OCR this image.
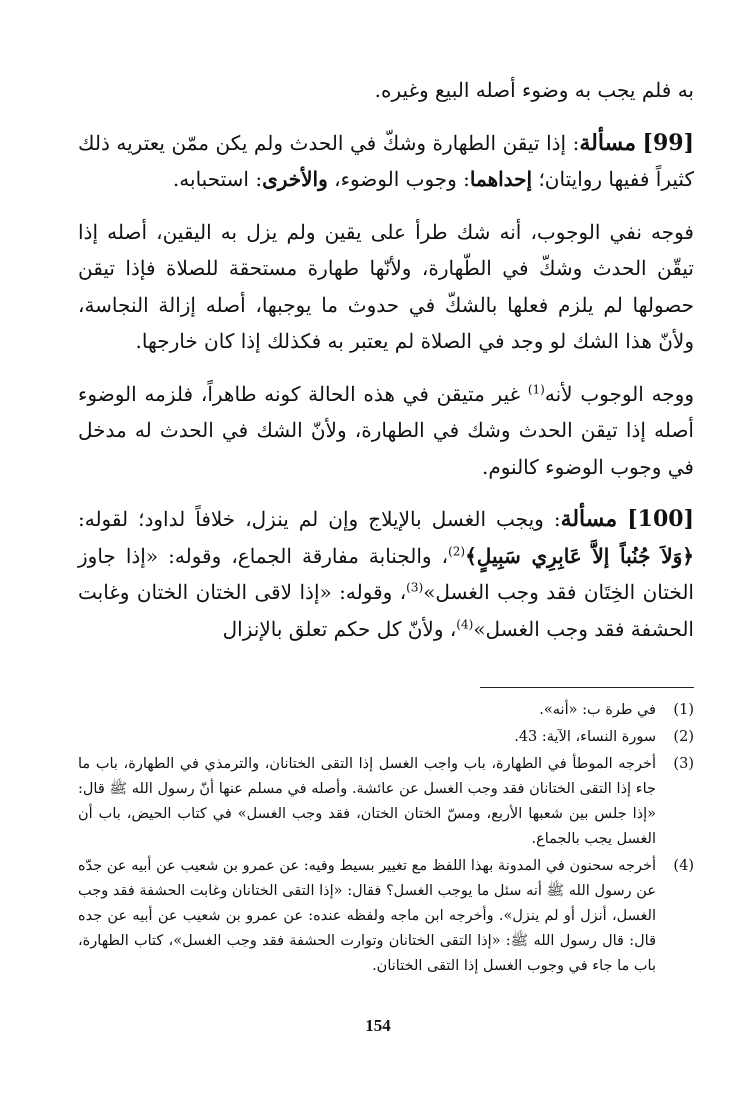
به فلم يجب به وضوء أصله البيع وغيره.

[99] مسألة: إذا تيقن الطهارة وشكّ في الحدث ولم يكن ممّن يعتريه ذلك كثيراً ففيها روايتان؛ إحداهما: وجوب الوضوء، والأخرى: استحبابه.

فوجه نفي الوجوب، أنه شك طرأ على يقين ولم يزل به اليقين، أصله إذا تيقّن الحدث وشكّ في الطّهارة، ولأنّها طهارة مستحقة للصلاة فإذا تيقن حصولها لم يلزم فعلها بالشكّ في حدوث ما يوجبها، أصله إزالة النجاسة، ولأنّ هذا الشك لو وجد في الصلاة لم يعتبر به فكذلك إذا كان خارجها.

ووجه الوجوب لأنه$^{(1)}$ غير متيقن في هذه الحالة كونه طاهراً، فلزمه الوضوء أصله إذا تيقن الحدث وشك في الطهارة، ولأنّ الشك في الحدث له مدخل في وجوب الوضوء كالنوم.

[100] مسألة: ويجب الغسل بالإيلاج وإن لم ينزل، خلافاً لداود؛ لقوله: ﴿وَلاَ جُنُباً إلاَّ عَابِرِي سَبِيلٍ﴾$^{(2)}$، والجنابة مفارقة الجماع، وقوله: «إذا جاوز الختان الخِتَان فقد وجب الغسل»$^{(3)}$، وقوله: «إذا لاقى الختان الختان وغابت الحشفة فقد وجب الغسل»$^{(4)}$، ولأنّ كل حكم تعلق بالإنزال

(1)
في طرة ب: «أنه».
(2)
سورة النساء، الآية: 43.
(3)
أخرجه الموطأ في الطهارة، باب واجب الغسل إذا التقى الختانان، والترمذي في الطهارة، باب ما جاء إذا التقى الختانان فقد وجب الغسل عن عائشة. وأصله في مسلم عنها أنّ رسول الله ﷺ قال: «إذا جلس بين شعبها الأربع، ومسّ الختان الختان، فقد وجب الغسل» في كتاب الحيض، باب أن الغسل يجب بالجماع.
(4)
أخرجه سحنون في المدونة بهذا اللفظ مع تغيير بسيط وفيه: عن عمرو بن شعيب عن أبيه عن جدّه عن رسول الله ﷺ أنه سئل ما يوجب الغسل؟ فقال: «إذا التقى الختانان وغابت الحشفة فقد وجب الغسل، أنزل أو لم ينزل». وأخرجه ابن ماجه ولفظه عنده: عن عمرو بن شعيب عن أبيه عن جده قال: قال رسول الله ﷺ: «إذا التقى الختانان وتوارت الحشفة فقد وجب الغسل»، كتاب الطهارة، باب ما جاء في وجوب الغسل إذا التقى الختانان.
154
